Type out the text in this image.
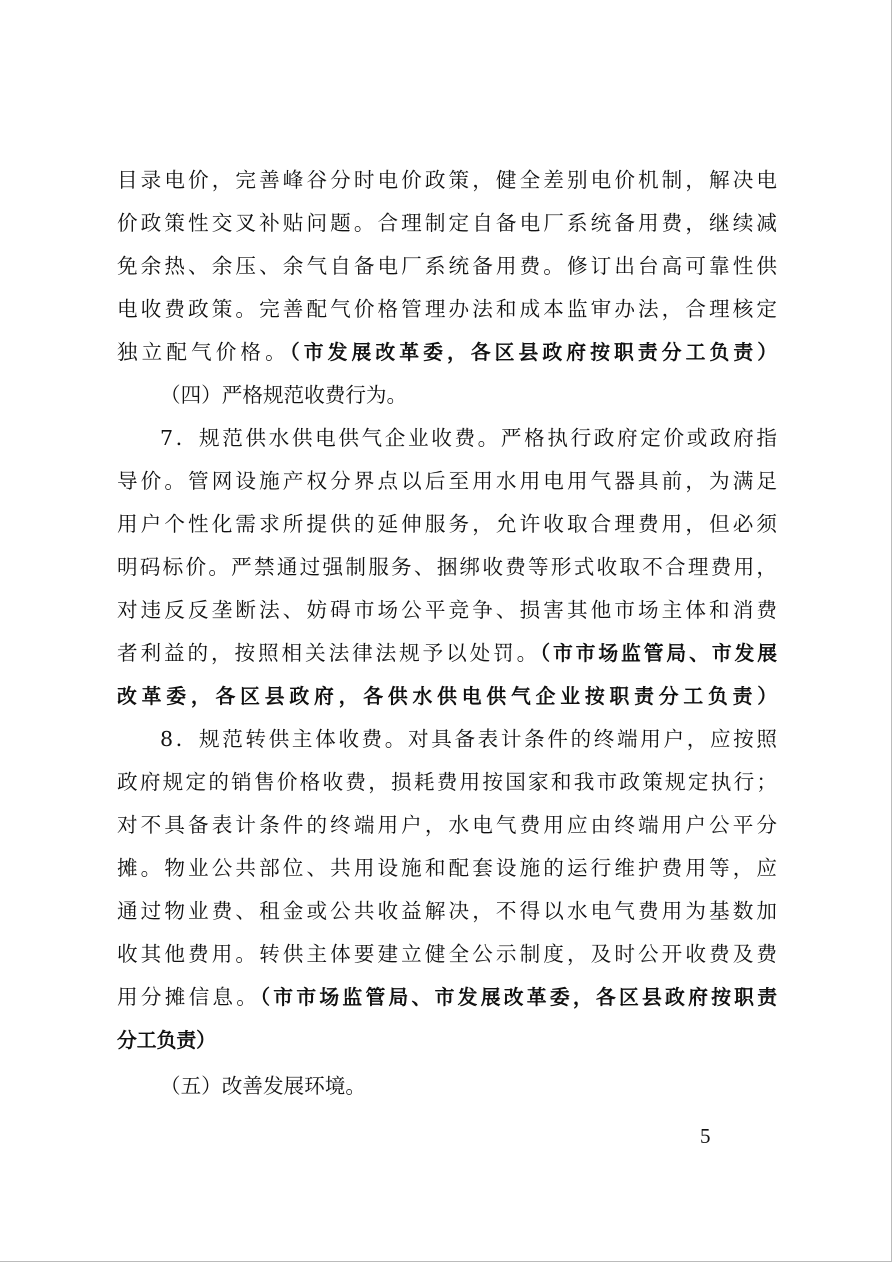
目录电价，完善峰谷分时电价政策，健全差别电价机制，解决电
价政策性交叉补贴问题。合理制定自备电厂系统备用费，继续减
免余热、余压、余气自备电厂系统备用费。修订出台高可靠性供
电收费政策。完善配气价格管理办法和成本监审办法，合理核定
独立配气价格。（市发展改革委，各区县政府按职责分工负责）
（四）严格规范收费行为。
7．规范供水供电供气企业收费。严格执行政府定价或政府指
导价。管网设施产权分界点以后至用水用电用气器具前，为满足
用户个性化需求所提供的延伸服务，允许收取合理费用，但必须
明码标价。严禁通过强制服务、捆绑收费等形式收取不合理费用，
对违反反垄断法、妨碍市场公平竞争、损害其他市场主体和消费
者利益的，按照相关法律法规予以处罚。（市市场监管局、市发展
改革委，各区县政府，各供水供电供气企业按职责分工负责）
8．规范转供主体收费。对具备表计条件的终端用户，应按照
政府规定的销售价格收费，损耗费用按国家和我市政策规定执行；
对不具备表计条件的终端用户，水电气费用应由终端用户公平分
摊。物业公共部位、共用设施和配套设施的运行维护费用等，应
通过物业费、租金或公共收益解决，不得以水电气费用为基数加
收其他费用。转供主体要建立健全公示制度，及时公开收费及费
用分摊信息。（市市场监管局、市发展改革委，各区县政府按职责
分工负责）
（五）改善发展环境。
5
